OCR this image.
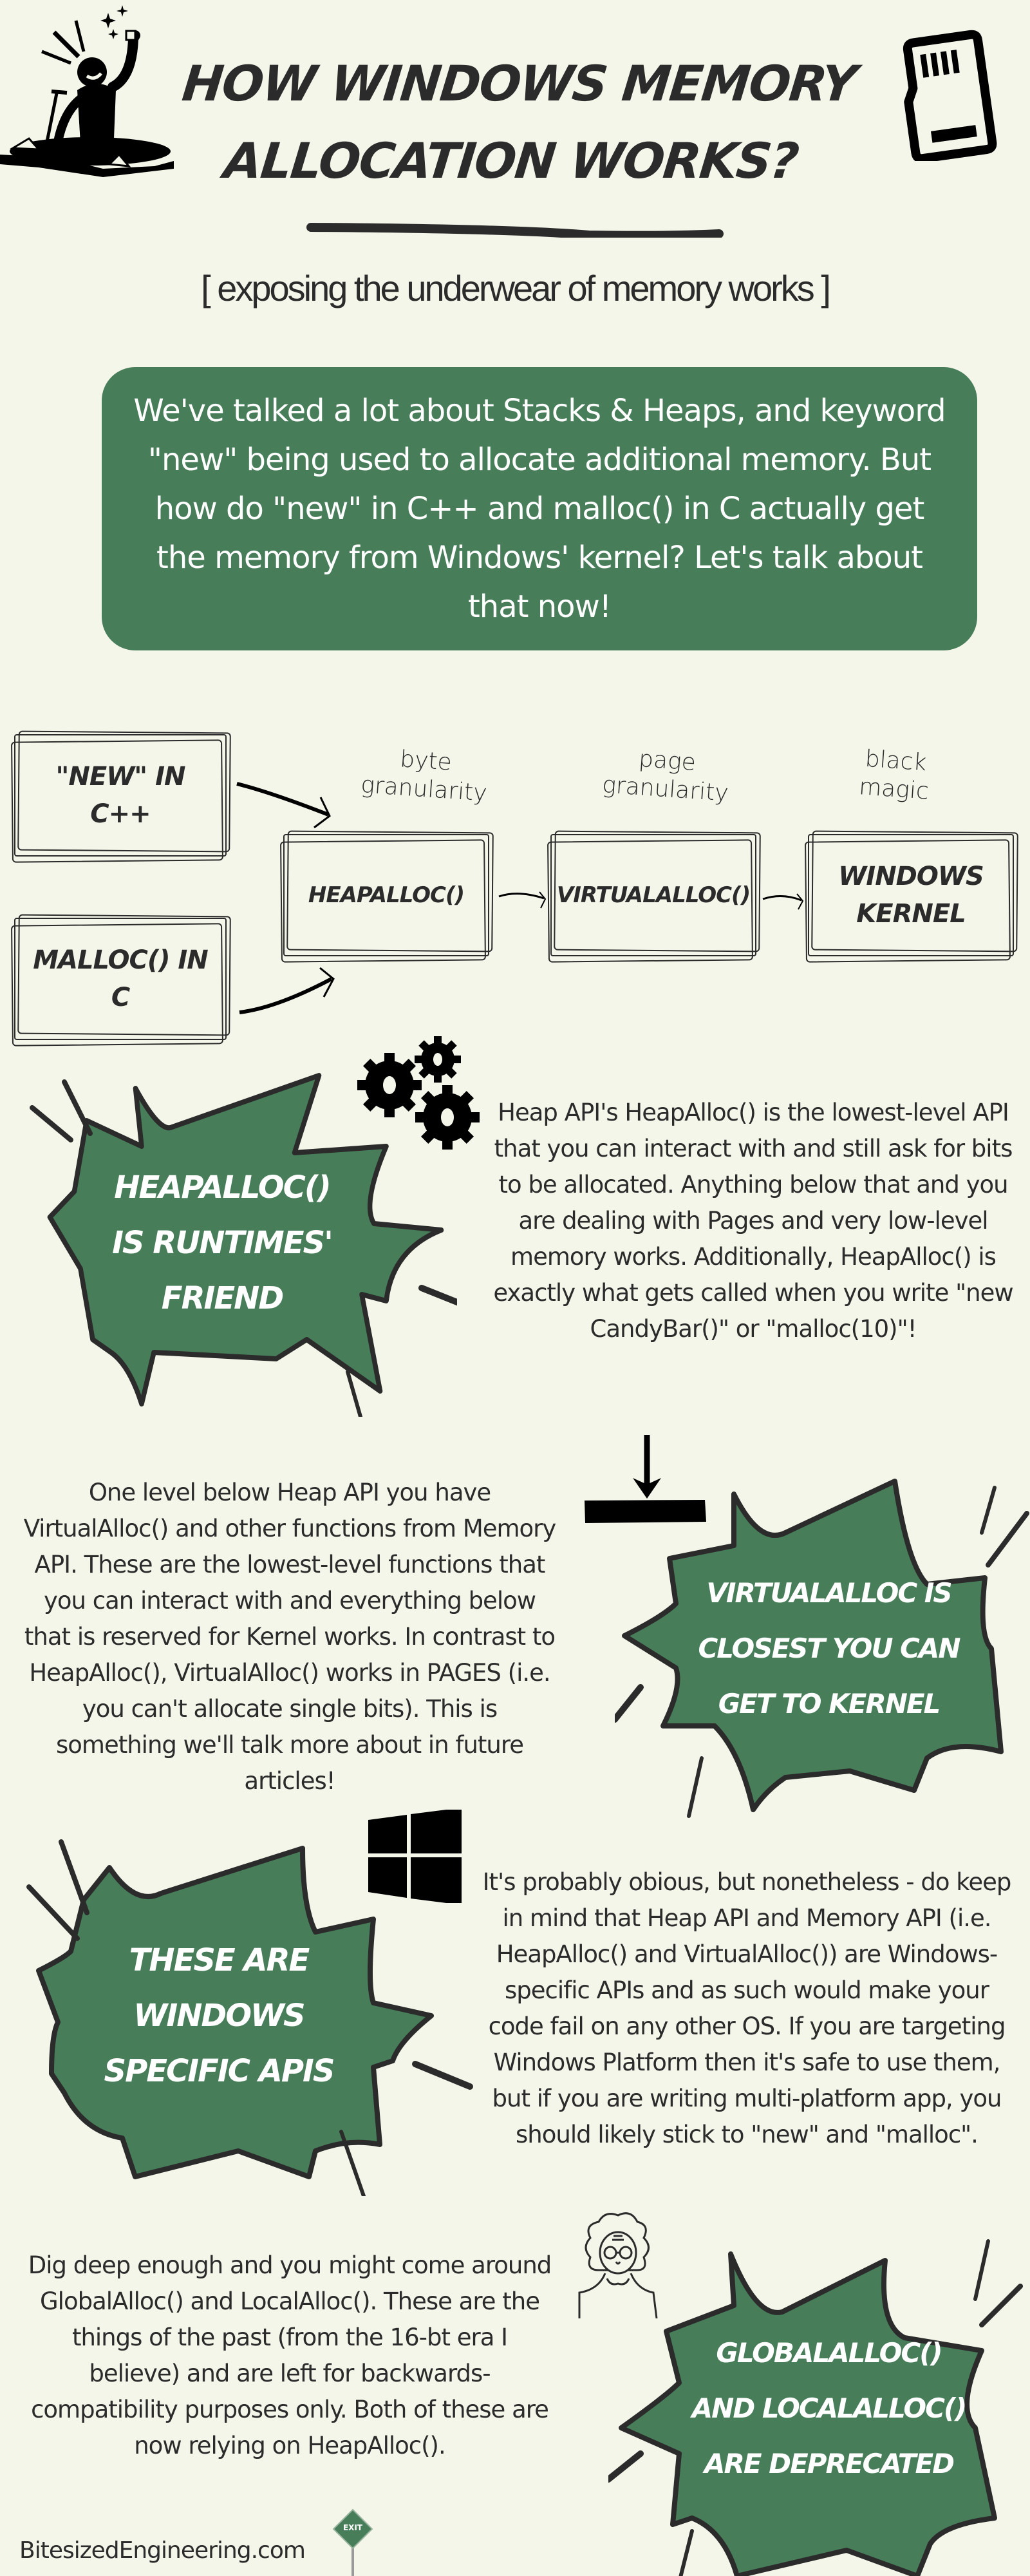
HOW WINDOWS MEMORY
ALLOCATION WORKS?
[ exposing the underwear of memory works ]

We've talked a lot about Stacks & Heaps, and keyword "new" being used to allocate additional memory. But how do "new" in C++ and malloc() in C actually get the memory from Windows' kernel? Let's talk about that now!

"NEW" IN
C++
MALLOC() IN
C
byte
granularity
page
granularity
black
magic
HEAPALLOC()	VIRTUALALLOC()
WINDOWS
KERNEL
HEAPALLOC()
IS RUNTIMES'
FRIEND
Heap API's HeapAlloc() is the lowest-level API that you can interact with and still ask for bits to be allocated. Anything below that and you are dealing with Pages and very low-level memory works. Additionally, HeapAlloc() is exactly what gets called when you write "new CandyBar()" or "malloc(10)"!
One level below Heap API you have VirtualAlloc() and other functions from Memory API. These are the lowest-level functions that you can interact with and everything below that is reserved for Kernel works. In contrast to HeapAlloc(), VirtualAlloc() works in PAGES (i.e. you can't allocate single bits). This is something we'll talk more about in future articles!
VIRTUALALLOC IS
CLOSEST YOU CAN
GET TO KERNEL
THESE ARE
WINDOWS
SPECIFIC APIS
It's probably obious, but nonetheless - do keep in mind that Heap API and Memory API (i.e. HeapAlloc() and VirtualAlloc()) are Windows-specific APIs and as such would make your code fail on any other OS. If you are targeting Windows Platform then it's safe to use them, but if you are writing multi-platform app, you should likely stick to "new" and "malloc".
Dig deep enough and you might come around GlobalAlloc() and LocalAlloc(). These are the things of the past (from the 16-bt era I believe) and are left for backwards-compatibility purposes only. Both of these are now relying on HeapAlloc().
GLOBALALLOC()
AND LOCALALLOC()
ARE DEPRECATED
BitesizedEngineering.com
EXIT
